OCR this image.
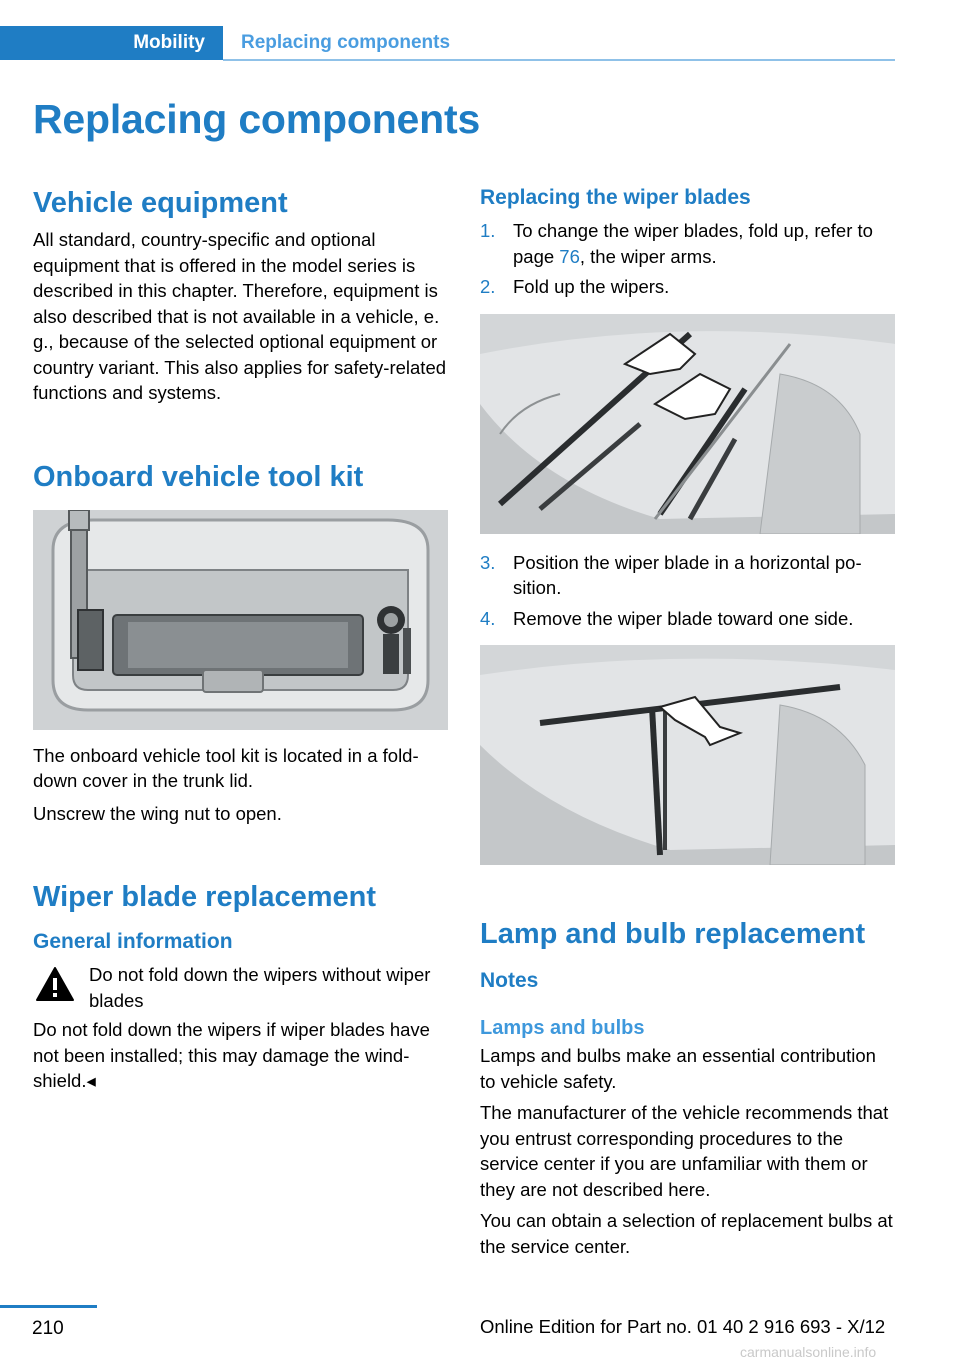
Mobility	Replacing components
Replacing components
Vehicle equipment

All standard, country-specific and optional equipment that is offered in the model series is described in this chapter. Therefore, equipment is also described that is not available in a vehicle, e. g., because of the selected optional equipment or country variant. This also applies for safety-related functions and systems.

Onboard vehicle tool kit

The onboard vehicle tool kit is located in a folddown cover in the trunk lid.

Unscrew the wing nut to open.

Wiper blade replacement
General information

Do not fold down the wipers without wiper blades

Do not fold down the wipers if wiper blades have not been installed; this may damage the windshield.◂

Replacing the wiper blades
1. To change the wiper blades, fold up, refer to page 76, the wiper arms.
2. Fold up the wipers.
3. Position the wiper blade in a horizontal position.
4. Remove the wiper blade toward one side.
Lamp and bulb replacement
Notes
Lamps and bulbs

Lamps and bulbs make an essential contribution to vehicle safety.

The manufacturer of the vehicle recommends that you entrust corresponding procedures to the service center if you are unfamiliar with them or they are not described here.

You can obtain a selection of replacement bulbs at the service center.

210	Online Edition for Part no. 01 40 2 916 693 - X/12
carmanualsonline.info
